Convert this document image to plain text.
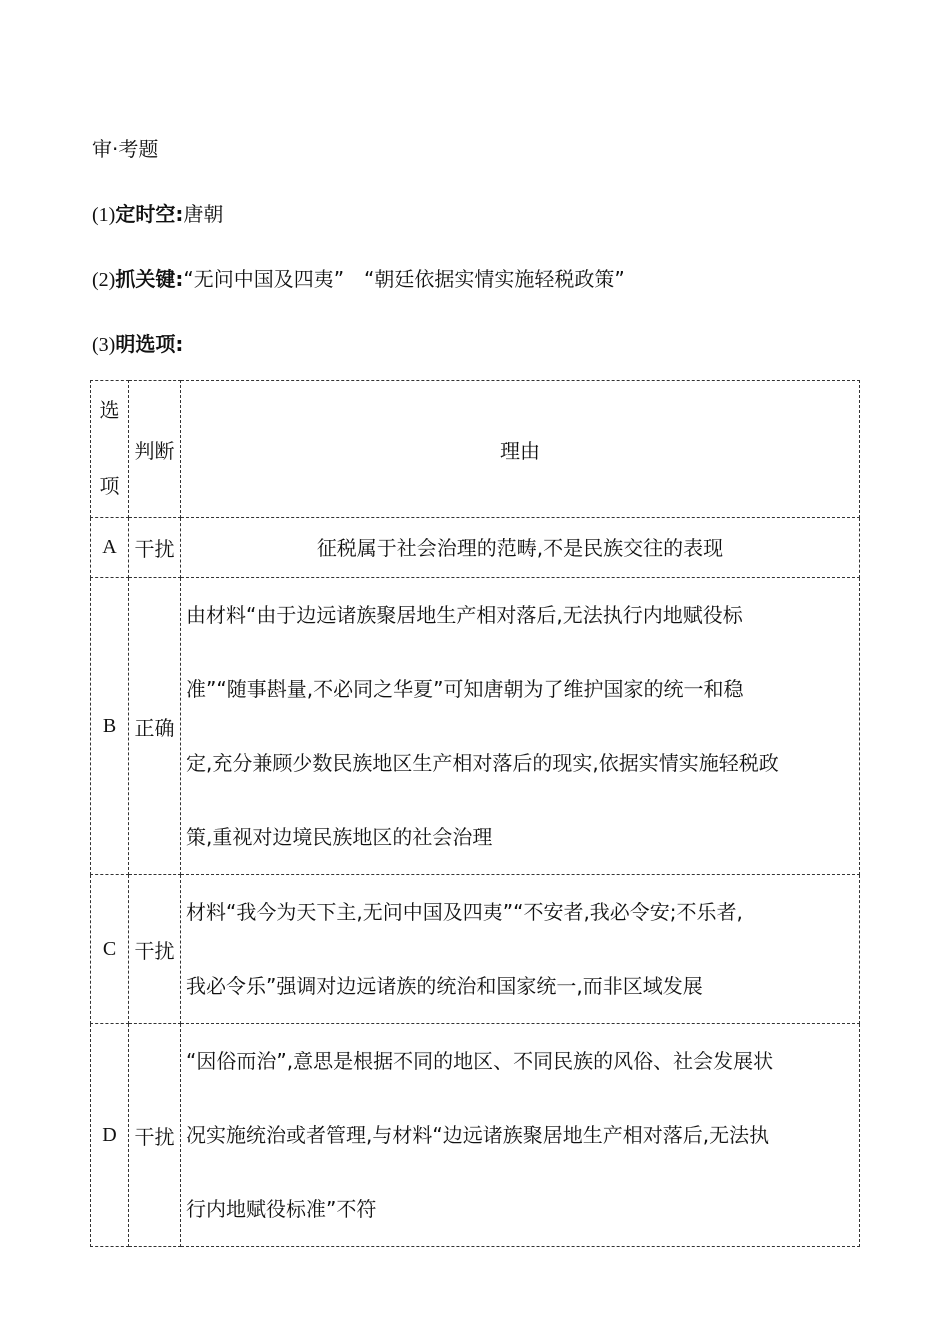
审·考题
(1)定时空:唐朝
(2)抓关键:“无问中国及四夷”　“朝廷依据实情实施轻税政策”
(3)明选项:
选
项	判断	理由
A	干扰	征税属于社会治理的范畴,不是民族交往的表现
B	正确	由材料“由于边远诸族聚居地生产相对落后,无法执行内地赋役标
准”“随事斟量,不必同之华夏”可知唐朝为了维护国家的统一和稳
定,充分兼顾少数民族地区生产相对落后的现实,依据实情实施轻税政
策,重视对边境民族地区的社会治理

C	干扰	材料“我今为天下主,无问中国及四夷”“不安者,我必令安;不乐者,
我必令乐”强调对边远诸族的统治和国家统一,而非区域发展

D	干扰	“因俗而治”,意思是根据不同的地区、不同民族的风俗、社会发展状
况实施统治或者管理,与材料“边远诸族聚居地生产相对落后,无法执
行内地赋役标准”不符
